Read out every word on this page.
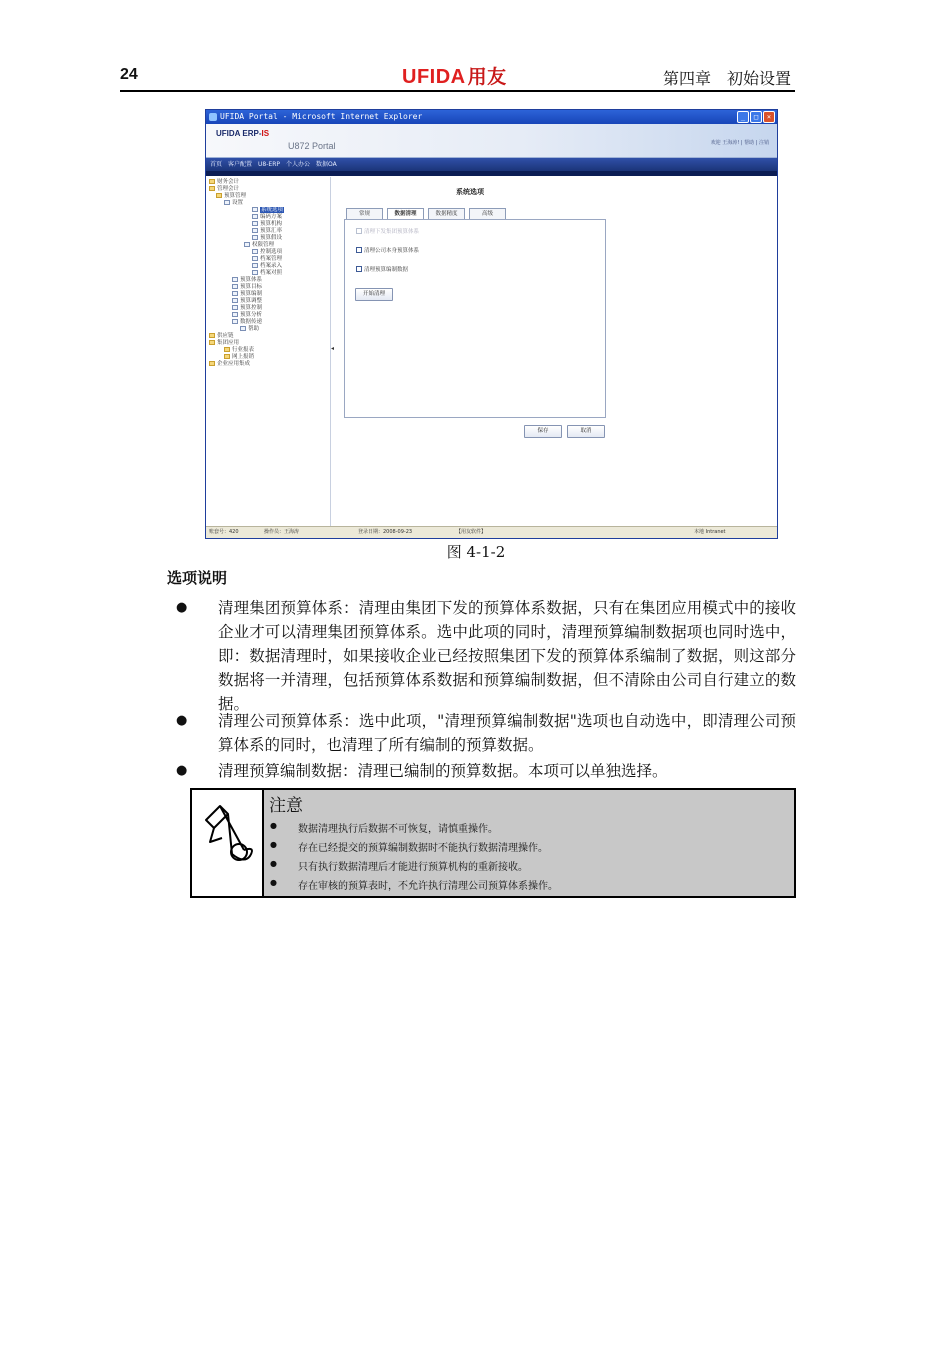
24	UFIDA 用友	第四章　初始设置
UFIDA Portal - Microsoft Internet Explorer	_	□	×
UFIDA ERP-IS
U872 Portal	欢迎 王海涛! | 帮助 | 注销
首页 客户配置 U8-ERP 个人办公 数据OA
财务会计
管理会计
预算管理
设置
系统选项
编码方案
预算机构
预算汇率
预算假设
权限管理
控制选项
档案管理
档案录入
档案对照
预算体系
预算目标
预算编制
预算调整
预算控制
预算分析
数据传递
帮助
供应链
集团应用
行业报表
网上报销
企业应用集成
◂
系统选项
常规	数据清理	数据精度	高级
清理下发集团预算体系
清理公司本身预算体系
清理预算编制数据
开始清理
保存	取消
账套号：420	操作员：王海涛	登录日期：2008-09-23	【用友软件】	本地 Intranet
图 4-1-2
选项说明
● 清理集团预算体系：清理由集团下发的预算体系数据，只有在集团应用模式中的接收企业才可以清理集团预算体系。选中此项的同时，清理预算编制数据项也同时选中，即：数据清理时，如果接收企业已经按照集团下发的预算体系编制了数据，则这部分数据将一并清理，包括预算体系数据和预算编制数据，但不清除由公司自行建立的数据。
● 清理公司预算体系：选中此项，"清理预算编制数据"选项也自动选中，即清理公司预算体系的同时，也清理了所有编制的预算数据。
● 清理预算编制数据：清理已编制的预算数据。本项可以单独选择。
注意
● 数据清理执行后数据不可恢复，请慎重操作。
● 存在已经提交的预算编制数据时不能执行数据清理操作。
● 只有执行数据清理后才能进行预算机构的重新接收。
● 存在审核的预算表时，不允许执行清理公司预算体系操作。
